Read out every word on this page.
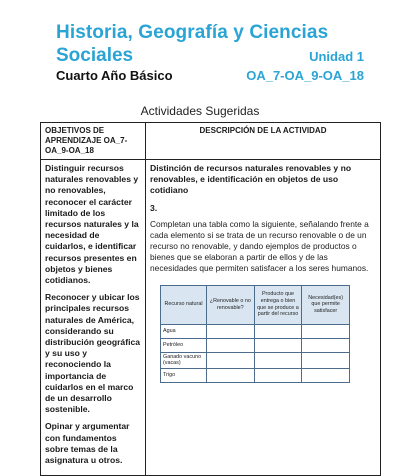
Historia, Geografía y Ciencias
Sociales	Unidad 1
Cuarto Año Básico	OA_7-OA_9-OA_18
Actividades Sugeridas
OBJETIVOS DE APRENDIZAJE OA_7-OA_9-OA_18	DESCRIPCIÓN DE LA ACTIVIDAD

Distinguir recursos naturales renovables y no renovables, reconocer el carácter limitado de los recursos naturales y la necesidad de cuidarlos, e identificar recursos presentes en objetos y bienes cotidianos.

Reconocer y ubicar los principales recursos naturales de América, considerando su distribución geográfica y su uso y reconociendo la importancia de cuidarlos en el marco de un desarrollo sostenible.

Opinar y argumentar con fundamentos sobre temas de la asignatura u otros.

Distinción de recursos naturales renovables y no renovables, e identificación en objetos de uso cotidiano

3.

Completan una tabla como la siguiente, señalando frente a cada elemento si se trata de un recurso renovable o de un recurso no renovable, y dando ejemplos de productos o bienes que se elaboran a partir de ellos y de las necesidades que permiten satisfacer a los seres humanos.

Recurso natural	¿Renovable o no renovable?	Producto que entrega o bien que se produce a partir del recurso	Necesidad(es) que permite satisfacer
Agua			
Petróleo			
Ganado vacuno (vacas)			
Trigo			
